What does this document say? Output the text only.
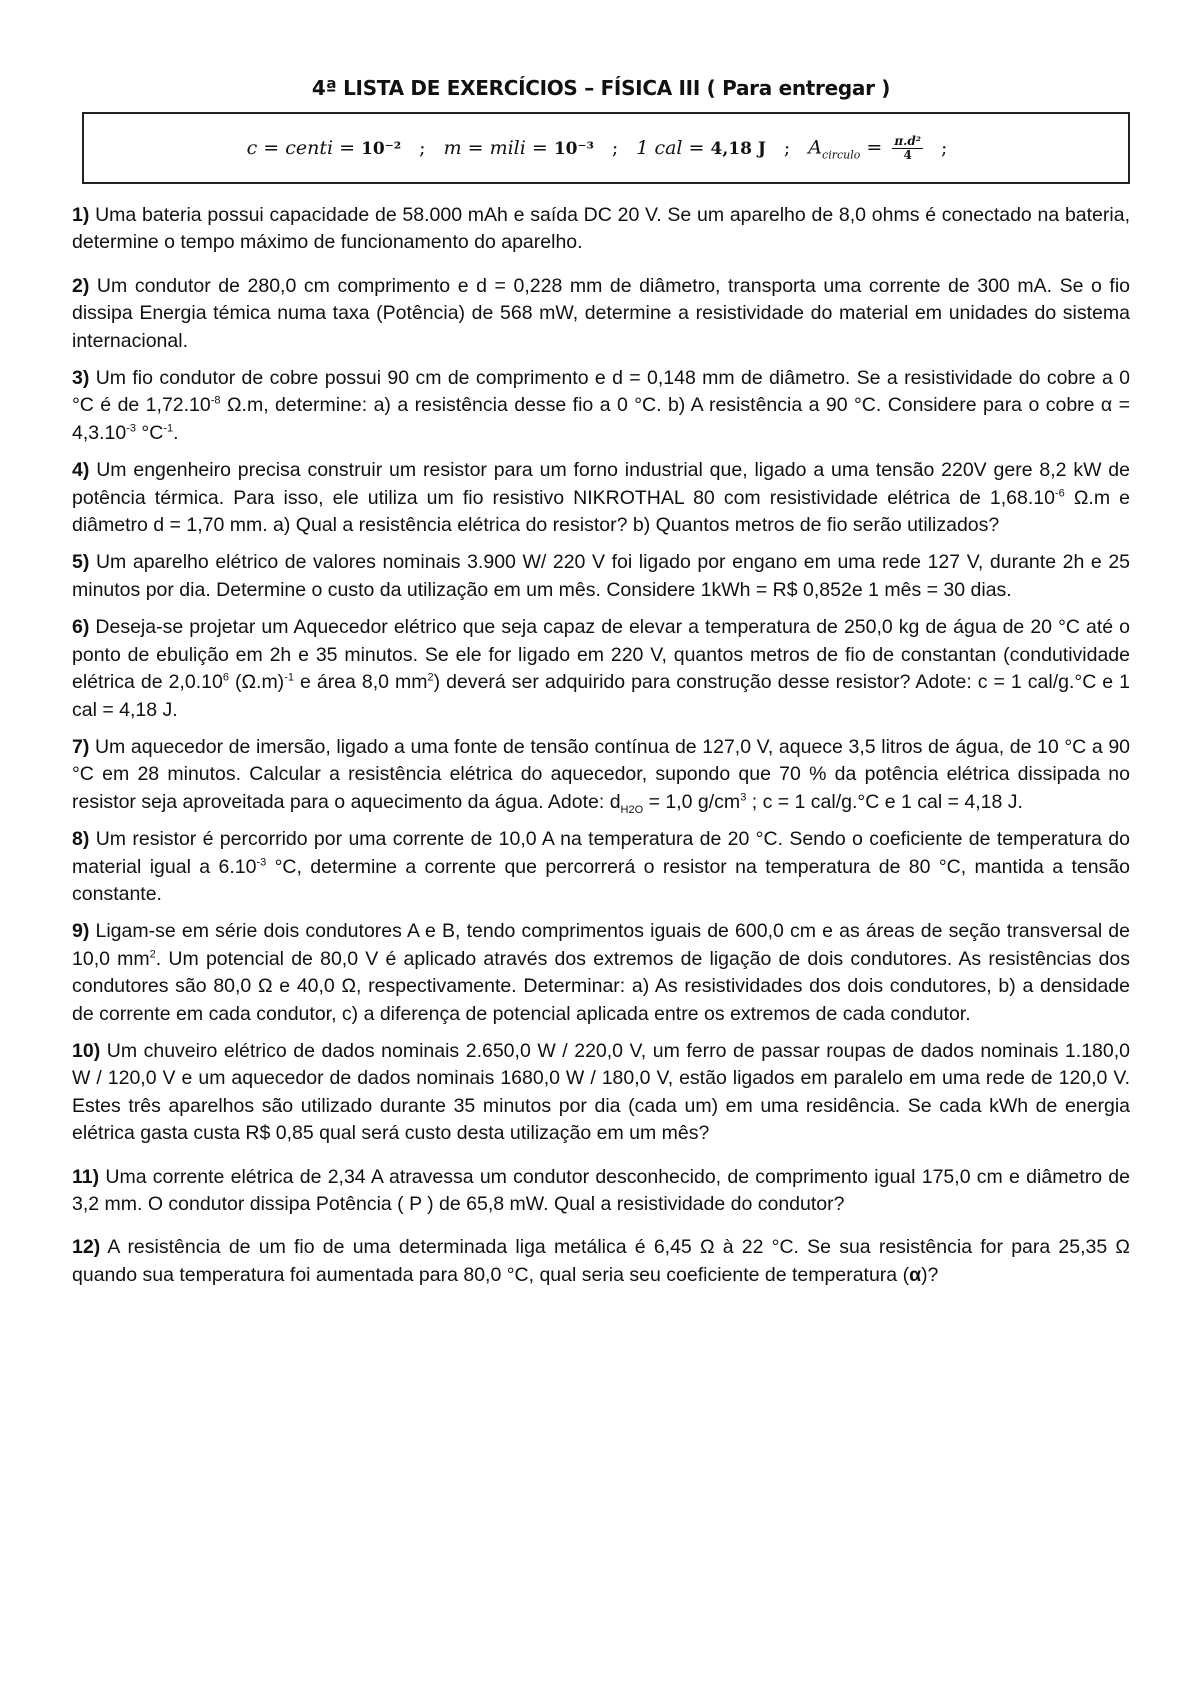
4ª LISTA DE EXERCÍCIOS – FÍSICA III ( Para entregar )
c = centi = 10⁻² ; m = mili = 10⁻³ ; 1 cal = 4,18 J ; $A_{circulo} = \frac{\text{π.d²}}{4}$ ;

1) Uma bateria possui capacidade de 58.000 mAh e saída DC 20 V. Se um aparelho de 8,0 ohms é conectado na bateria, determine o tempo máximo de funcionamento do aparelho.

2) Um condutor de 280,0 cm comprimento e d = 0,228 mm de diâmetro, transporta uma corrente de 300 mA. Se o fio dissipa Energia témica numa taxa (Potência) de 568 mW, determine a resistividade do material em unidades do sistema internacional.

3) Um fio condutor de cobre possui 90 cm de comprimento e d = 0,148 mm de diâmetro. Se a resistividade do cobre a 0 °C é de $1,72.10^{-8}$ Ω.m, determine: a) a resistência desse fio a 0 °C. b) A resistência a 90 °C. Considere para o cobre $\alpha = 4,3.10^{-3}$ $^\circ C^{-1}$.

4) Um engenheiro precisa construir um resistor para um forno industrial que, ligado a uma tensão 220V gere 8,2 kW de potência térmica. Para isso, ele utiliza um fio resistivo NIKROTHAL 80 com resistividade elétrica de $1,68.10^{-6}$ Ω.m e diâmetro d = 1,70 mm. a) Qual a resistência elétrica do resistor? b) Quantos metros de fio serão utilizados?

5) Um aparelho elétrico de valores nominais 3.900 W/ 220 V foi ligado por engano em uma rede 127 V, durante 2h e 25 minutos por dia. Determine o custo da utilização em um mês. Considere 1kWh = R$ 0,852e 1 mês = 30 dias.

6) Deseja-se projetar um Aquecedor elétrico que seja capaz de elevar a temperatura de 250,0 kg de água de 20 °C até o ponto de ebulição em 2h e 35 minutos. Se ele for ligado em 220 V, quantos metros de fio de constantan (condutividade elétrica de 2,0.10$^6$ $(\Omega.m)^{-1}$ e área 8,0 $mm^2$) deverá ser adquirido para construção desse resistor? Adote: c = 1 cal/g.°C e 1 cal = 4,18 J.

7) Um aquecedor de imersão, ligado a uma fonte de tensão contínua de 127,0 V, aquece 3,5 litros de água, de 10 °C a 90 °C em 28 minutos. Calcular a resistência elétrica do aquecedor, supondo que 70 % da potência elétrica dissipada no resistor seja aproveitada para o aquecimento da água. Adote: $d_{H2O} = 1,0$ $g/cm^3$ ; c = 1 cal/g.°C e 1 cal = 4,18 J.

8) Um resistor é percorrido por uma corrente de 10,0 A na temperatura de 20 °C. Sendo o coeficiente de temperatura do material igual a $6.10^{-3}$ °C, determine a corrente que percorrerá o resistor na temperatura de 80 °C, mantida a tensão constante.

9) Ligam-se em série dois condutores A e B, tendo comprimentos iguais de 600,0 cm e as áreas de seção transversal de 10,0 $mm^2$. Um potencial de 80,0 V é aplicado através dos extremos de ligação de dois condutores. As resistências dos condutores são 80,0 Ω e 40,0 Ω, respectivamente. Determinar: a) As resistividades dos dois condutores, b) a densidade de corrente em cada condutor, c) a diferença de potencial aplicada entre os extremos de cada condutor.

10) Um chuveiro elétrico de dados nominais 2.650,0 W / 220,0 V, um ferro de passar roupas de dados nominais 1.180,0 W / 120,0 V e um aquecedor de dados nominais 1680,0 W / 180,0 V, estão ligados em paralelo em uma rede de 120,0 V. Estes três aparelhos são utilizado durante 35 minutos por dia (cada um) em uma residência. Se cada kWh de energia elétrica gasta custa R$ 0,85 qual será custo desta utilização em um mês?

11) Uma corrente elétrica de 2,34 A atravessa um condutor desconhecido, de comprimento igual 175,0 cm e diâmetro de 3,2 mm. O condutor dissipa Potência ( P ) de 65,8 mW. Qual a resistividade do condutor?

12) A resistência de um fio de uma determinada liga metálica é 6,45 Ω à 22 °C. Se sua resistência for para 25,35 Ω quando sua temperatura foi aumentada para 80,0 °C, qual seria seu coeficiente de temperatura (α)?
